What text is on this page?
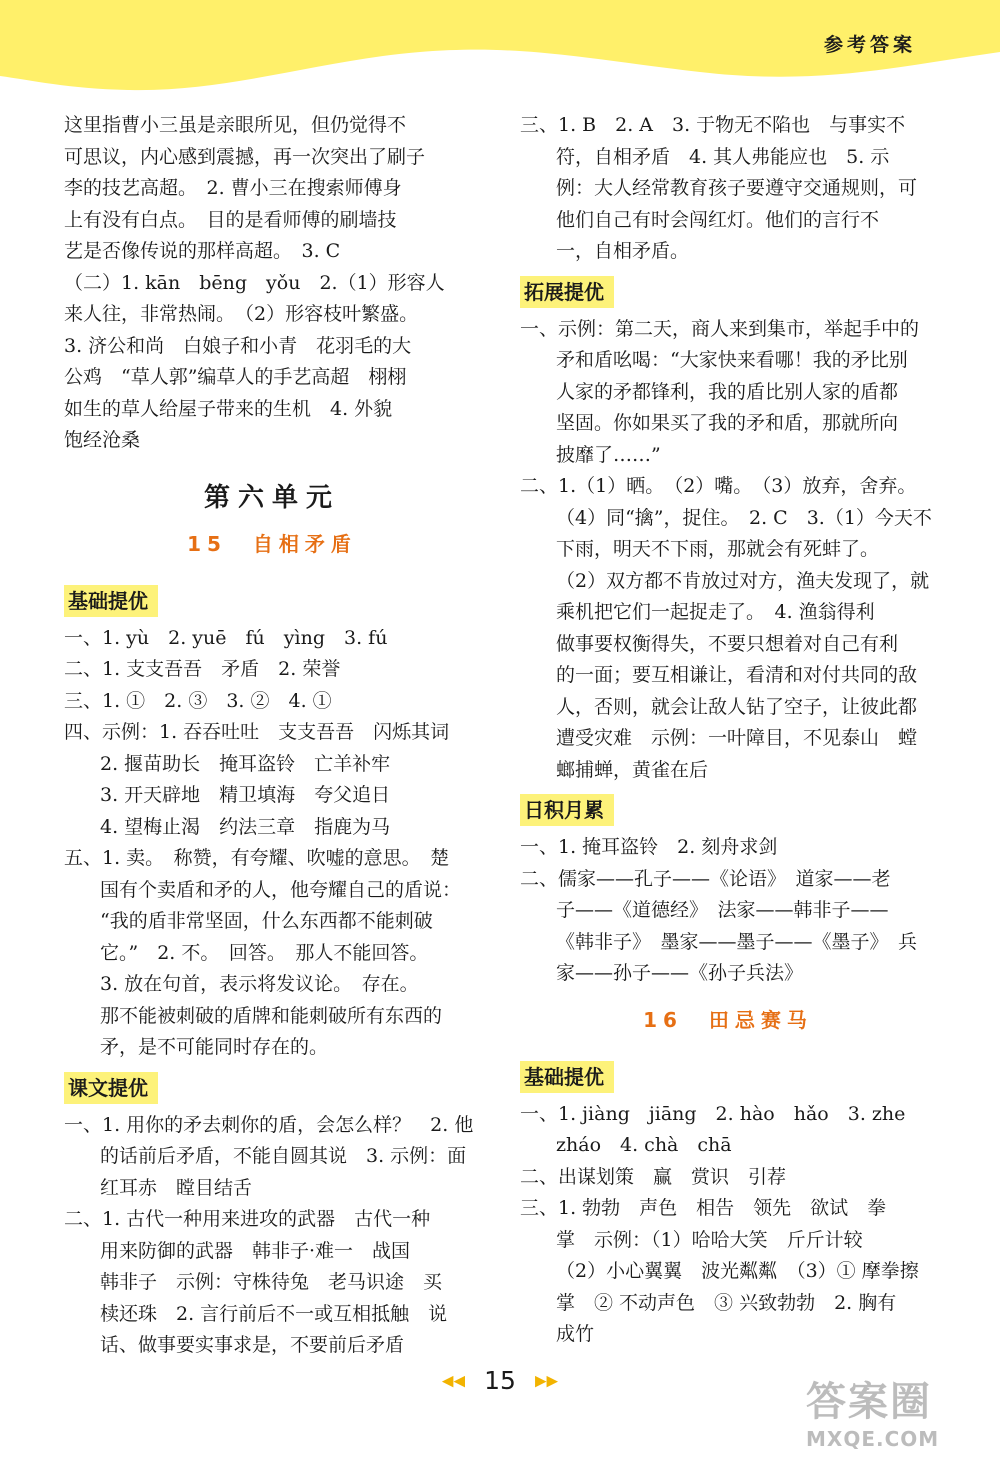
参考答案

这里指曹小三虽是亲眼所见，但仍觉得不

可思议，内心感到震撼，再一次突出了刷子

李的技艺高超。　2. 曹小三在搜索师傅身

上有没有白点。　目的是看师傅的刷墙技

艺是否像传说的那样高超。　3. C

（二）1. kān　bēng　yǒu　2.（1）形容人

来人往，非常热闹。　（2）形容枝叶繁盛。

3. 济公和尚　白娘子和小青　花羽毛的大

公鸡　“草人郭”编草人的手艺高超　栩栩

如生的草人给屋子带来的生机　4. 外貌

饱经沧桑

第六单元
15　自相矛盾
基础提优

一、1. yù　2. yuē　fú　yìng　3. fú

二、1. 支支吾吾　矛盾　2. 荣誉

三、1. ①　2. ③　3. ②　4. ①

四、示例：1. 吞吞吐吐　支支吾吾　闪烁其词

2. 揠苗助长　掩耳盗铃　亡羊补牢

3. 开天辟地　精卫填海　夸父追日

4. 望梅止渴　约法三章　指鹿为马

五、1. 卖。　称赞，有夸耀、吹嘘的意思。　楚

国有个卖盾和矛的人，他夸耀自己的盾说：

“我的盾非常坚固，什么东西都不能刺破

它。”　2. 不。　回答。　那人不能回答。

3. 放在句首，表示将发议论。　存在。

那不能被刺破的盾牌和能刺破所有东西的

矛，是不可能同时存在的。

课文提优

一、1. 用你的矛去刺你的盾，会怎么样？　2. 他

的话前后矛盾，不能自圆其说　3. 示例：面

红耳赤　瞠目结舌

二、1. 古代一种用来进攻的武器　古代一种

用来防御的武器　韩非子·难一　战国

韩非子　示例：守株待兔　老马识途　买

椟还珠　2. 言行前后不一或互相抵触　说

话、做事要实事求是，不要前后矛盾

三、1. B　2. A　3. 于物无不陷也　与事实不

符，自相矛盾　4. 其人弗能应也　5. 示

例：大人经常教育孩子要遵守交通规则，可

他们自己有时会闯红灯。他们的言行不

一，自相矛盾。

拓展提优

一、示例：第二天，商人来到集市，举起手中的

矛和盾吆喝：“大家快来看哪！我的矛比别

人家的矛都锋利，我的盾比别人家的盾都

坚固。你如果买了我的矛和盾，那就所向

披靡了……”

二、1.（1）晒。　（2）嘴。　（3）放弃，舍弃。

（4）同“擒”，捉住。　2. C　3.（1）今天不

下雨，明天不下雨，那就会有死蚌了。

（2）双方都不肯放过对方，渔夫发现了，就

乘机把它们一起捉走了。　4. 渔翁得利

做事要权衡得失，不要只想着对自己有利

的一面；要互相谦让，看清和对付共同的敌

人，否则，就会让敌人钻了空子，让彼此都

遭受灾难　示例：一叶障目，不见泰山　螳

螂捕蝉，黄雀在后

日积月累

一、1. 掩耳盗铃　2. 刻舟求剑

二、儒家——孔子——《论语》　道家——老

子——《道德经》　法家——韩非子——

《韩非子》　墨家——墨子——《墨子》　兵

家——孙子——《孙子兵法》

16　田忌赛马
基础提优

一、1. jiàng　jiāng　2. hào　hǎo　3. zhe

zháo　4. chà　chā

二、出谋划策　赢　赏识　引荐

三、1. 勃勃　声色　相告　领先　欲试　拳

掌　示例：（1）哈哈大笑　斤斤计较

（2）小心翼翼　波光粼粼　（3）① 摩拳擦

掌　② 不动声色　③ 兴致勃勃　2. 胸有

成竹

◀◀ 15 ▶▶	答案圈
MXQE.COM
